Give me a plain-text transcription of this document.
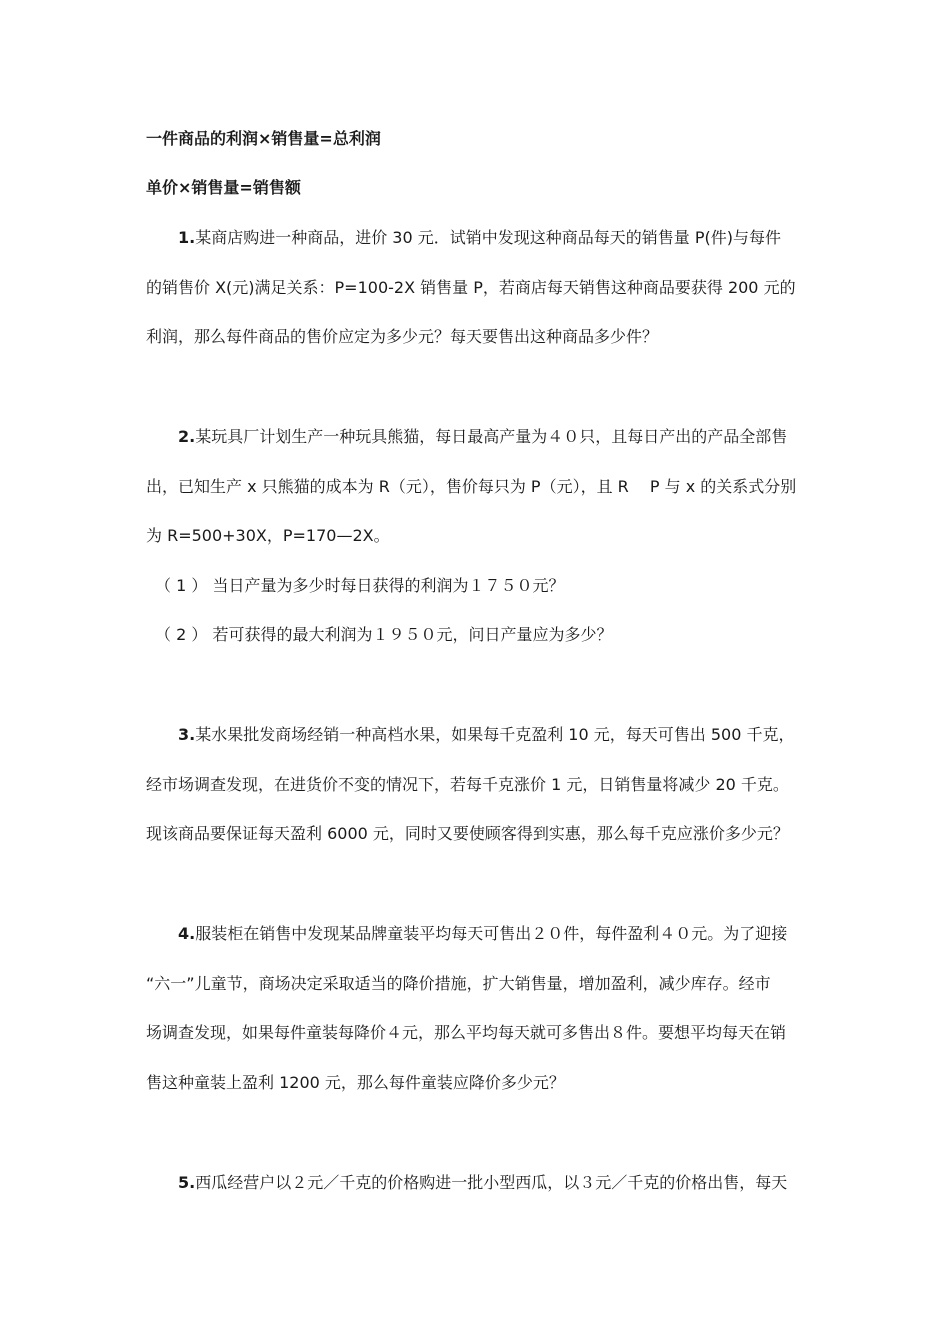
一件商品的利润×销售量=总利润
单价×销售量=销售额
1.某商店购进一种商品，进价 30 元．试销中发现这种商品每天的销售量 P(件)与每件
的销售价 X(元)满足关系：P=100-2X 销售量 P，若商店每天销售这种商品要获得 200 元的
利润，那么每件商品的售价应定为多少元？每天要售出这种商品多少件？
2.某玩具厂计划生产一种玩具熊猫，每日最高产量为４０只，且每日产出的产品全部售
出，已知生产 x 只熊猫的成本为 R（元），售价每只为 P（元），且 R　 P 与 x 的关系式分别
为 R=500+30X，P=170—2X。
（ 1 ） 当日产量为多少时每日获得的利润为１７５０元？
（ 2 ） 若可获得的最大利润为１９５０元，问日产量应为多少？
3.某水果批发商场经销一种高档水果，如果每千克盈利 10 元，每天可售出 500 千克，
经市场调查发现，在进货价不变的情况下，若每千克涨价 1 元，日销售量将减少 20 千克。
现该商品要保证每天盈利 6000 元，同时又要使顾客得到实惠，那么每千克应涨价多少元？
4.服装柜在销售中发现某品牌童装平均每天可售出２０件，每件盈利４０元。为了迎接
“六一”儿童节，商场决定采取适当的降价措施，扩大销售量，增加盈利，减少库存。经市
场调查发现，如果每件童装每降价４元，那么平均每天就可多售出８件。要想平均每天在销
售这种童装上盈利 1200 元，那么每件童装应降价多少元？
5.西瓜经营户以２元／千克的价格购进一批小型西瓜，以３元／千克的价格出售，每天
